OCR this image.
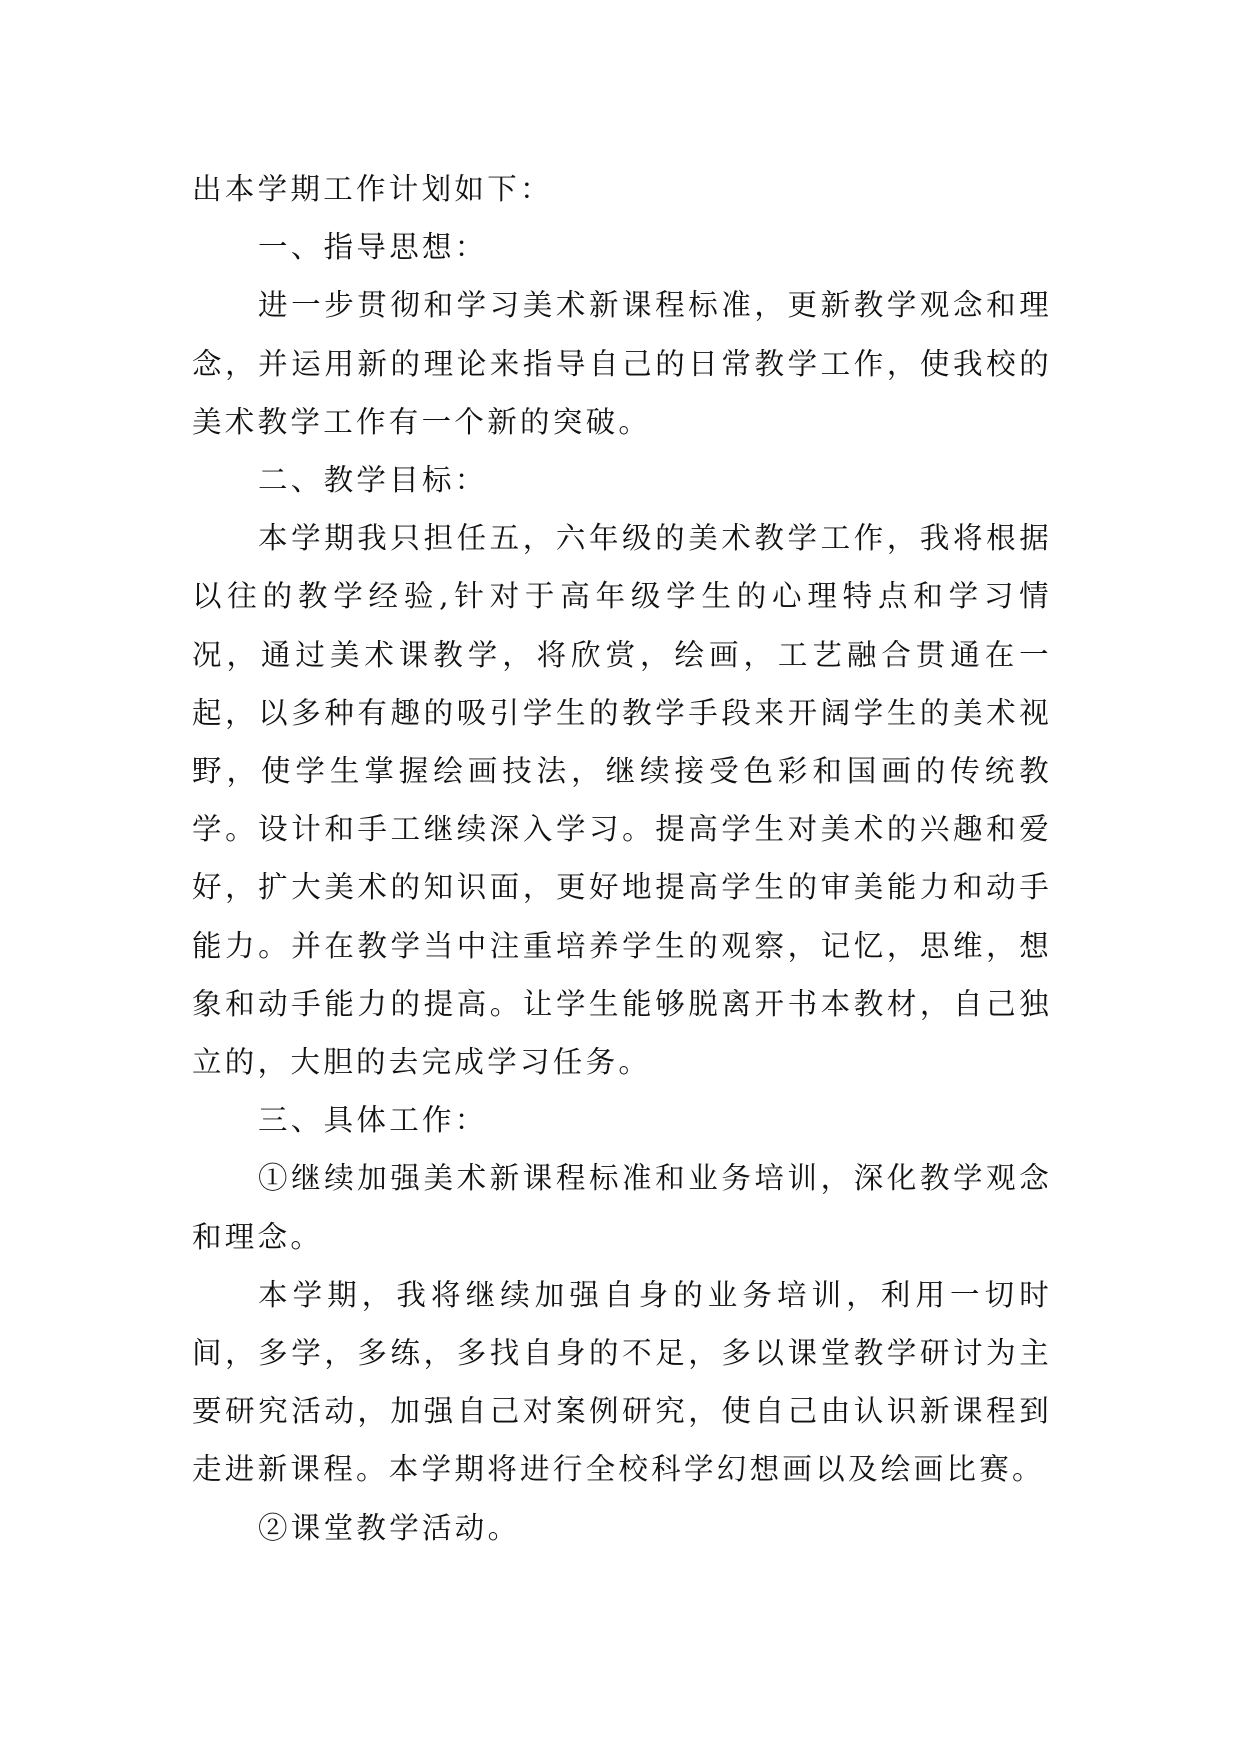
出本学期工作计划如下：

一、指导思想：

进一步贯彻和学习美术新课程标准，更新教学观念和理念，并运用新的理论来指导自己的日常教学工作，使我校的美术教学工作有一个新的突破。

二、教学目标：

本学期我只担任五，六年级的美术教学工作，我将根据以往的教学经验,针对于高年级学生的心理特点和学习情况，通过美术课教学，将欣赏，绘画，工艺融合贯通在一起，以多种有趣的吸引学生的教学手段来开阔学生的美术视野，使学生掌握绘画技法，继续接受色彩和国画的传统教学。设计和手工继续深入学习。提高学生对美术的兴趣和爱好，扩大美术的知识面，更好地提高学生的审美能力和动手能力。并在教学当中注重培养学生的观察，记忆，思维，想象和动手能力的提高。让学生能够脱离开书本教材，自己独立的，大胆的去完成学习任务。

三、具体工作：

①继续加强美术新课程标准和业务培训，深化教学观念和理念。

本学期，我将继续加强自身的业务培训，利用一切时间，多学，多练，多找自身的不足，多以课堂教学研讨为主要研究活动，加强自己对案例研究，使自己由认识新课程到走进新课程。本学期将进行全校科学幻想画以及绘画比赛。

②课堂教学活动。
